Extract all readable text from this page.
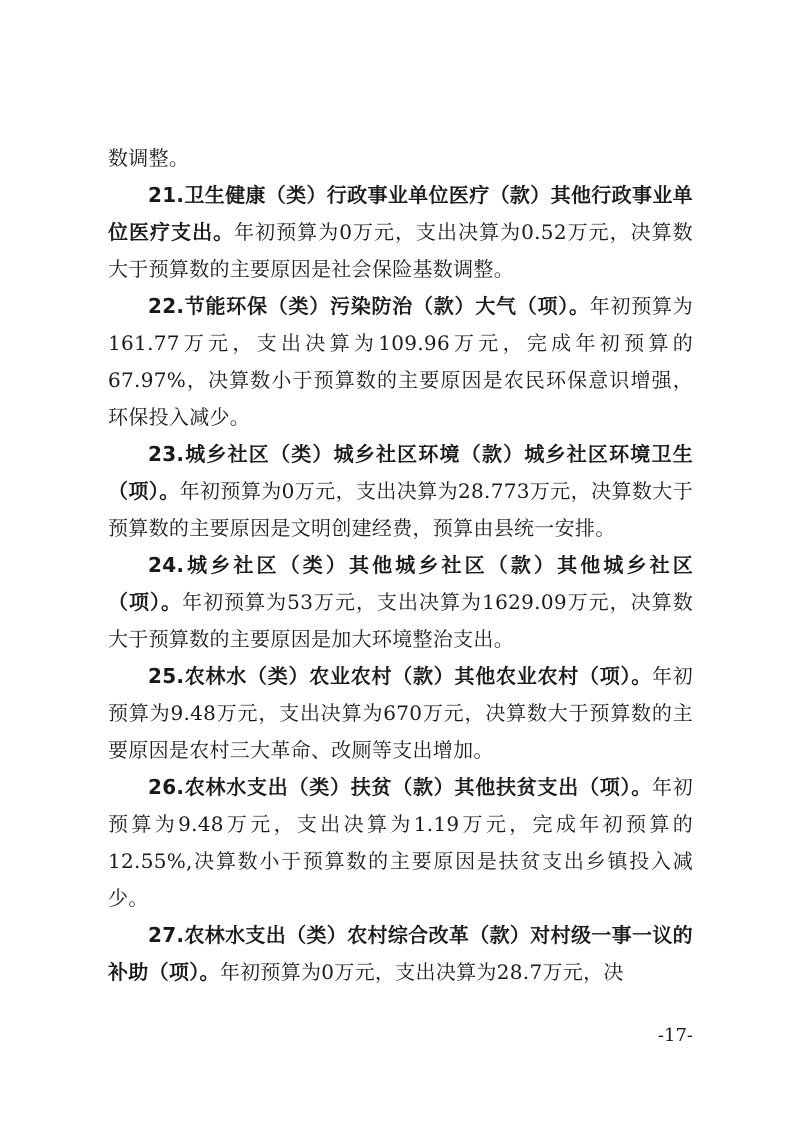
数调整。

21.卫生健康（类）行政事业单位医疗（款）其他行政事业单位医疗支出。年初预算为0万元，支出决算为0.52万元，决算数大于预算数的主要原因是社会保险基数调整。

22.节能环保（类）污染防治（款）大气（项）。年初预算为161.77万元，支出决算为109.96万元，完成年初预算的67.97%，决算数小于预算数的主要原因是农民环保意识增强，环保投入减少。

23.城乡社区（类）城乡社区环境（款）城乡社区环境卫生（项）。年初预算为0万元，支出决算为28.773万元，决算数大于预算数的主要原因是文明创建经费，预算由县统一安排。

24.城乡社区（类）其他城乡社区（款）其他城乡社区（项）。年初预算为53万元，支出决算为1629.09万元，决算数大于预算数的主要原因是加大环境整治支出。

25.农林水（类）农业农村（款）其他农业农村（项）。年初预算为9.48万元，支出决算为670万元，决算数大于预算数的主要原因是农村三大革命、改厕等支出增加。

26.农林水支出（类）扶贫（款）其他扶贫支出（项）。年初预算为9.48万元，支出决算为1.19万元，完成年初预算的12.55%,决算数小于预算数的主要原因是扶贫支出乡镇投入减少。

27.农林水支出（类）农村综合改革（款）对村级一事一议的补助（项）。年初预算为0万元，支出决算为28.7万元，决

-17-
